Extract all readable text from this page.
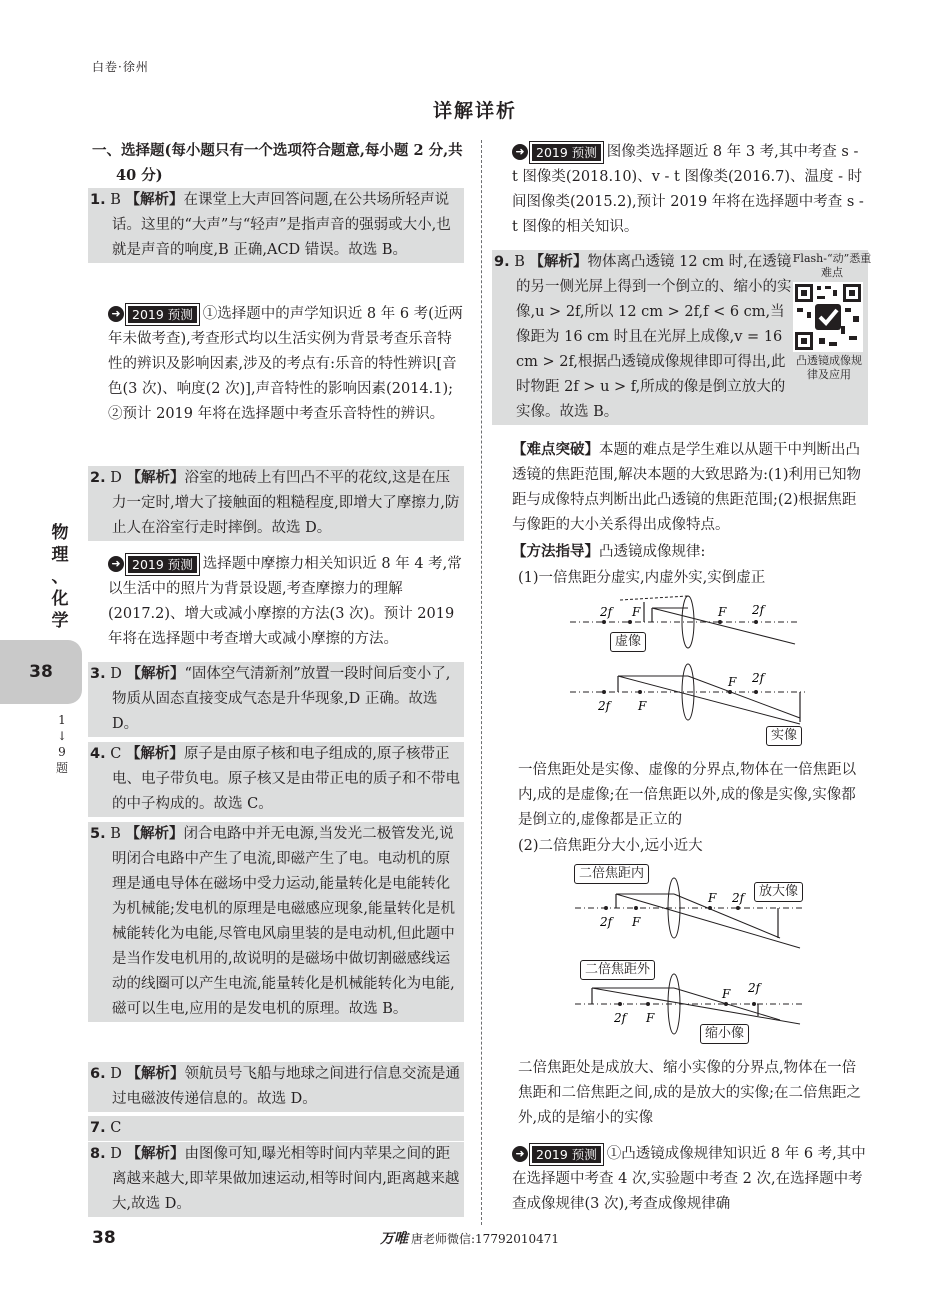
白卷·徐州
详解详析
物
理
、
化
学
38
1
↓
9
题
一、选择题(每小题只有一个选项符合题意,每小题 2 分,共 40 分)
1. B 【解析】在课堂上大声回答问题,在公共场所轻声说话。这里的“大声”与“轻声”是指声音的强弱或大小,也就是声音的响度,B 正确,ACD 错误。故选 B。
➜ 2019 预测 ①选择题中的声学知识近 8 年 6 考(近两年未做考查),考查形式均以生活实例为背景考查乐音特性的辨识及影响因素,涉及的考点有:乐音的特性辨识[音色(3 次)、响度(2 次)],声音特性的影响因素(2014.1);
②预计 2019 年将在选择题中考查乐音特性的辨识。
2. D 【解析】浴室的地砖上有凹凸不平的花纹,这是在压力一定时,增大了接触面的粗糙程度,即增大了摩擦力,防止人在浴室行走时摔倒。故选 D。
➜ 2019 预测 选择题中摩擦力相关知识近 8 年 4 考,常以生活中的照片为背景设题,考查摩擦力的理解(2017.2)、增大或减小摩擦的方法(3 次)。预计 2019 年将在选择题中考查增大或减小摩擦的方法。
3. D 【解析】“固体空气清新剂”放置一段时间后变小了,物质从固态直接变成气态是升华现象,D 正确。故选 D。
4. C 【解析】原子是由原子核和电子组成的,原子核带正电、电子带负电。原子核又是由带正电的质子和不带电的中子构成的。故选 C。
5. B 【解析】闭合电路中并无电源,当发光二极管发光,说明闭合电路中产生了电流,即磁产生了电。电动机的原理是通电导体在磁场中受力运动,能量转化是电能转化为机械能;发电机的原理是电磁感应现象,能量转化是机械能转化为电能,尽管电风扇里装的是电动机,但此题中是当作发电机用的,故说明的是磁场中做切割磁感线运动的线圈可以产生电流,能量转化是机械能转化为电能,磁可以生电,应用的是发电机的原理。故选 B。
6. D 【解析】领航员号飞船与地球之间进行信息交流是通过电磁波传递信息的。故选 D。
7. C
8. D 【解析】由图像可知,曝光相等时间内苹果之间的距离越来越大,即苹果做加速运动,相等时间内,距离越来越大,故选 D。
➜ 2019 预测 图像类选择题近 8 年 3 考,其中考查 s - t 图像类(2018.10)、v - t 图像类(2016.7)、温度 - 时间图像类(2015.2),预计 2019 年将在选择题中考查 s - t 图像的相关知识。
9. B 【解析】物体离凸透镜 12 cm 时,在透镜的另一侧光屏上得到一个倒立的、缩小的实像,u > 2f,所以 12 cm > 2f,f < 6 cm,当像距为 16 cm 时且在光屏上成像,v = 16 cm > 2f,根据凸透镜成像规律即可得出,此时物距 2f > u > f,所成的像是倒立放大的实像。故选 B。
Flash-“动”悉重难点
凸透镜成像规律及应用
【难点突破】本题的难点是学生难以从题干中判断出凸透镜的焦距范围,解决本题的大致思路为:(1)利用已知物距与成像特点判断出此凸透镜的焦距范围;(2)根据焦距与像距的大小关系得出成像特点。
【方法指导】凸透镜成像规律:
(1)一倍焦距分虚实,内虚外实,实倒虚正
2f F	F 2f
2f F
F 2f
虚像
实像
一倍焦距处是实像、虚像的分界点,物体在一倍焦距以内,成的是虚像;在一倍焦距以外,成的像是实像,实像都是倒立的,虚像都是正立的
(2)二倍焦距分大小,远小近大
2f F
F 2f
2f F
F 2f
二倍焦距内
放大像
二倍焦距外
缩小像
二倍焦距处是成放大、缩小实像的分界点,物体在一倍焦距和二倍焦距之间,成的是放大的实像;在二倍焦距之外,成的是缩小的实像
➜ 2019 预测 ①凸透镜成像规律知识近 8 年 6 考,其中在选择题中考查 4 次,实验题中考查 2 次,在选择题中考查成像规律(3 次),考查成像规律确
38	万唯 唐老师微信:17792010471
